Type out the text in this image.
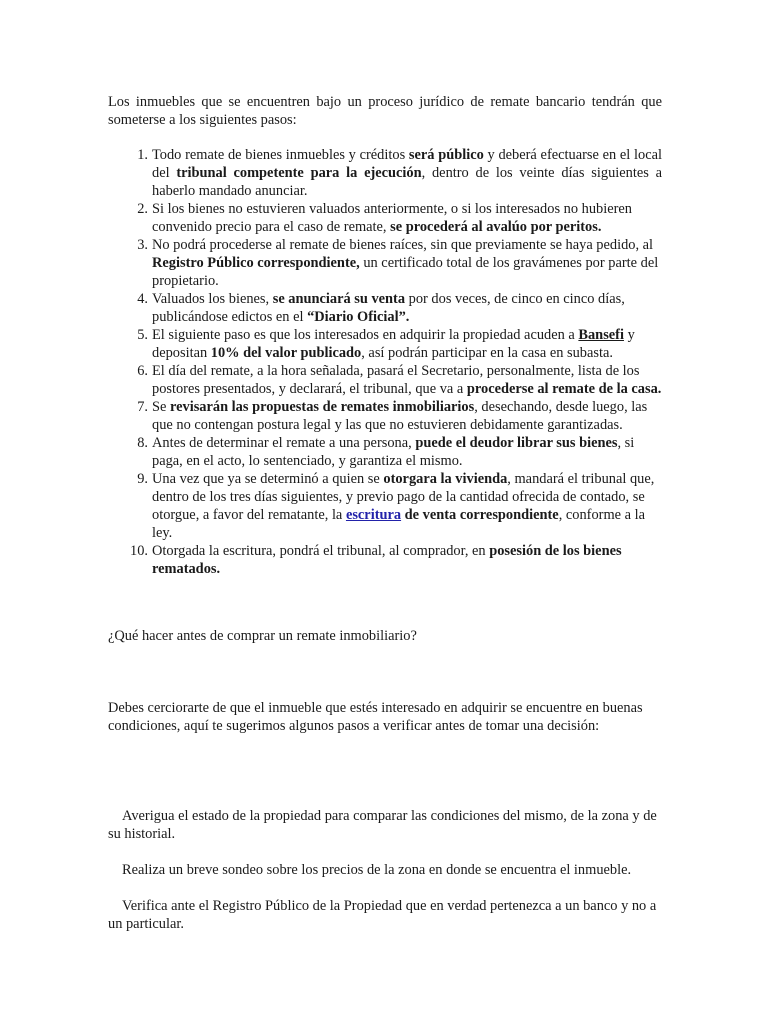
Los inmuebles que se encuentren bajo un proceso jurídico de remate bancario tendrán que someterse a los siguientes pasos:

1. Todo remate de bienes inmuebles y créditos será público y deberá efectuarse en el local del tribunal competente para la ejecución, dentro de los veinte días siguientes a haberlo mandado anunciar.
2. Si los bienes no estuvieren valuados anteriormente, o si los interesados no hubieren convenido precio para el caso de remate, se procederá al avalúo por peritos.
3. No podrá procederse al remate de bienes raíces, sin que previamente se haya pedido, al Registro Público correspondiente, un certificado total de los gravámenes por parte del propietario.
4. Valuados los bienes, se anunciará su venta por dos veces, de cinco en cinco días, publicándose edictos en el “Diario Oficial”.
5. El siguiente paso es que los interesados en adquirir la propiedad acuden a Bansefi y depositan 10% del valor publicado, así podrán participar en la casa en subasta.
6. El día del remate, a la hora señalada, pasará el Secretario, personalmente, lista de los postores presentados, y declarará, el tribunal, que va a procederse al remate de la casa.
7. Se revisarán las propuestas de remates inmobiliarios, desechando, desde luego, las que no contengan postura legal y las que no estuvieren debidamente garantizadas.
8. Antes de determinar el remate a una persona, puede el deudor librar sus bienes, si paga, en el acto, lo sentenciado, y garantiza el mismo.
9. Una vez que ya se determinó a quien se otorgara la vivienda, mandará el tribunal que, dentro de los tres días siguientes, y previo pago de la cantidad ofrecida de contado, se otorgue, a favor del rematante, la escritura de venta correspondiente, conforme a la ley.
10. Otorgada la escritura, pondrá el tribunal, al comprador, en posesión de los bienes rematados.

¿Qué hacer antes de comprar un remate inmobiliario?

Debes cerciorarte de que el inmueble que estés interesado en adquirir se encuentre en buenas condiciones, aquí te sugerimos algunos pasos a verificar antes de tomar una decisión:

Averigua el estado de la propiedad para comparar las condiciones del mismo, de la zona y de su historial.

Realiza un breve sondeo sobre los precios de la zona en donde se encuentra el inmueble.

Verifica ante el Registro Público de la Propiedad que en verdad pertenezca a un banco y no a un particular.
